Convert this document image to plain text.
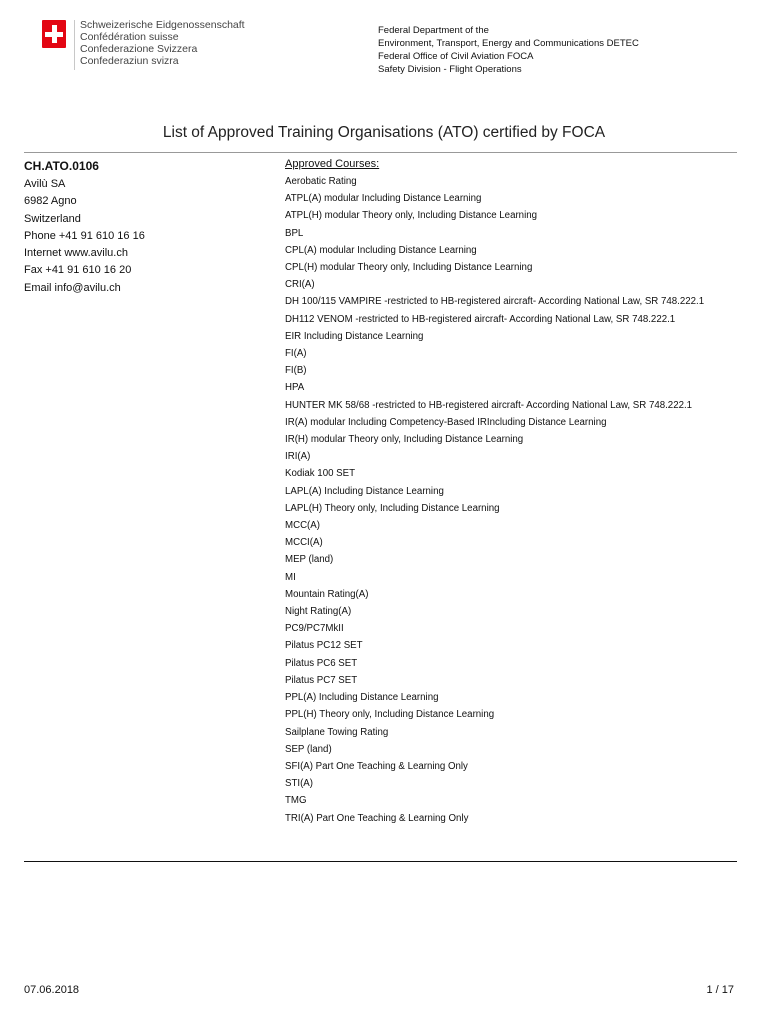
Schweizerische Eidgenossenschaft
Confédération suisse
Confederazione Svizzera
Confederaziun svizra
Federal Department of the
Environment, Transport, Energy and Communications DETEC
Federal Office of Civil Aviation FOCA
Safety Division - Flight Operations
List of Approved Training Organisations (ATO) certified by FOCA
CH.ATO.0106
Avilù SA
6982 Agno
Switzerland
Phone +41 91 610 16 16
Internet www.avilu.ch
Fax +41 91 610 16 20
Email info@avilu.ch
Approved Courses:
Aerobatic Rating
ATPL(A) modular Including Distance Learning
ATPL(H) modular Theory only, Including Distance Learning
BPL
CPL(A) modular Including Distance Learning
CPL(H) modular Theory only, Including Distance Learning
CRI(A)
DH 100/115 VAMPIRE -restricted to HB-registered aircraft- According National Law, SR 748.222.1
DH112 VENOM -restricted to HB-registered aircraft- According National Law, SR 748.222.1
EIR Including Distance Learning
FI(A)
FI(B)
HPA
HUNTER MK 58/68 -restricted to HB-registered aircraft- According National Law, SR 748.222.1
IR(A) modular Including Competency-Based IRIncluding Distance Learning
IR(H) modular Theory only, Including Distance Learning
IRI(A)
Kodiak 100 SET
LAPL(A) Including Distance Learning
LAPL(H) Theory only, Including Distance Learning
MCC(A)
MCCI(A)
MEP (land)
MI
Mountain Rating(A)
Night Rating(A)
PC9/PC7MkII
Pilatus PC12 SET
Pilatus PC6 SET
Pilatus PC7 SET
PPL(A) Including Distance Learning
PPL(H) Theory only, Including Distance Learning
Sailplane Towing Rating
SEP (land)
SFI(A) Part One Teaching & Learning Only
STI(A)
TMG
TRI(A) Part One Teaching & Learning Only
07.06.2018	1 / 17
